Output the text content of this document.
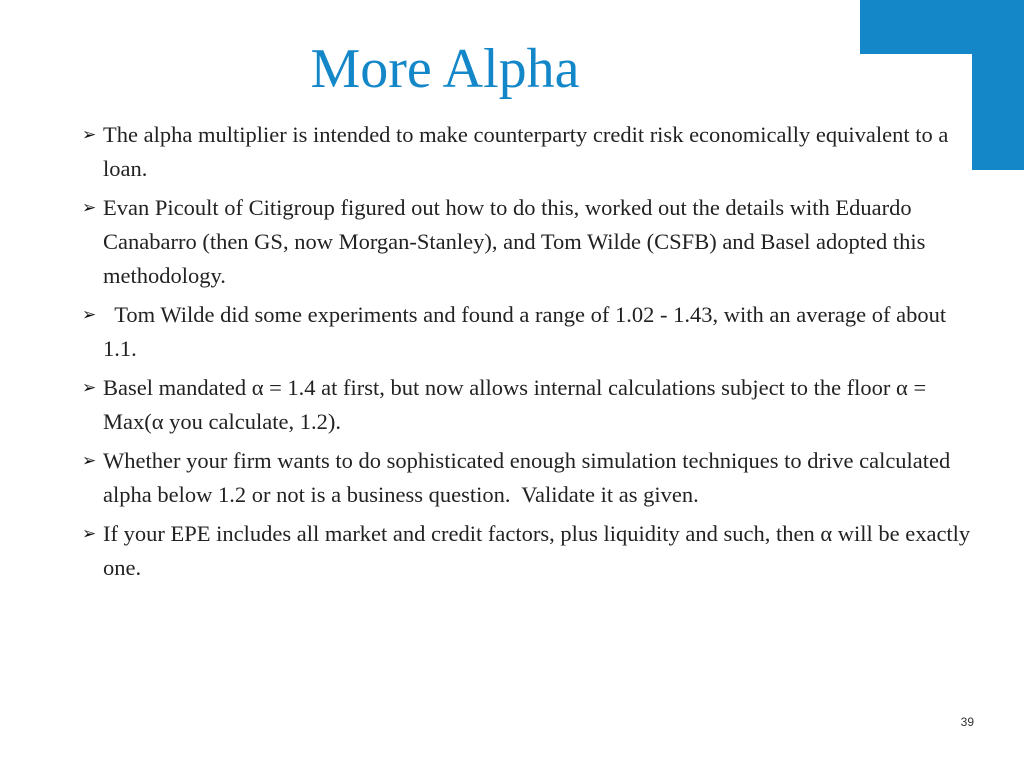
More Alpha
➢ The alpha multiplier is intended to make counterparty credit risk economically equivalent to a loan.
➢ Evan Picoult of Citigroup figured out how to do this, worked out the details with Eduardo Canabarro (then GS, now Morgan-Stanley), and Tom Wilde (CSFB) and Basel adopted this methodology.
➢ Tom Wilde did some experiments and found a range of 1.02 - 1.43, with an average of about 1.1.
➢ Basel mandated α = 1.4 at first, but now allows internal calculations subject to the floor α = Max(α you calculate, 1.2).
➢ Whether your firm wants to do sophisticated enough simulation techniques to drive calculated alpha below 1.2 or not is a business question.  Validate it as given.
➢ If your EPE includes all market and credit factors, plus liquidity and such, then α will be exactly one.
39
